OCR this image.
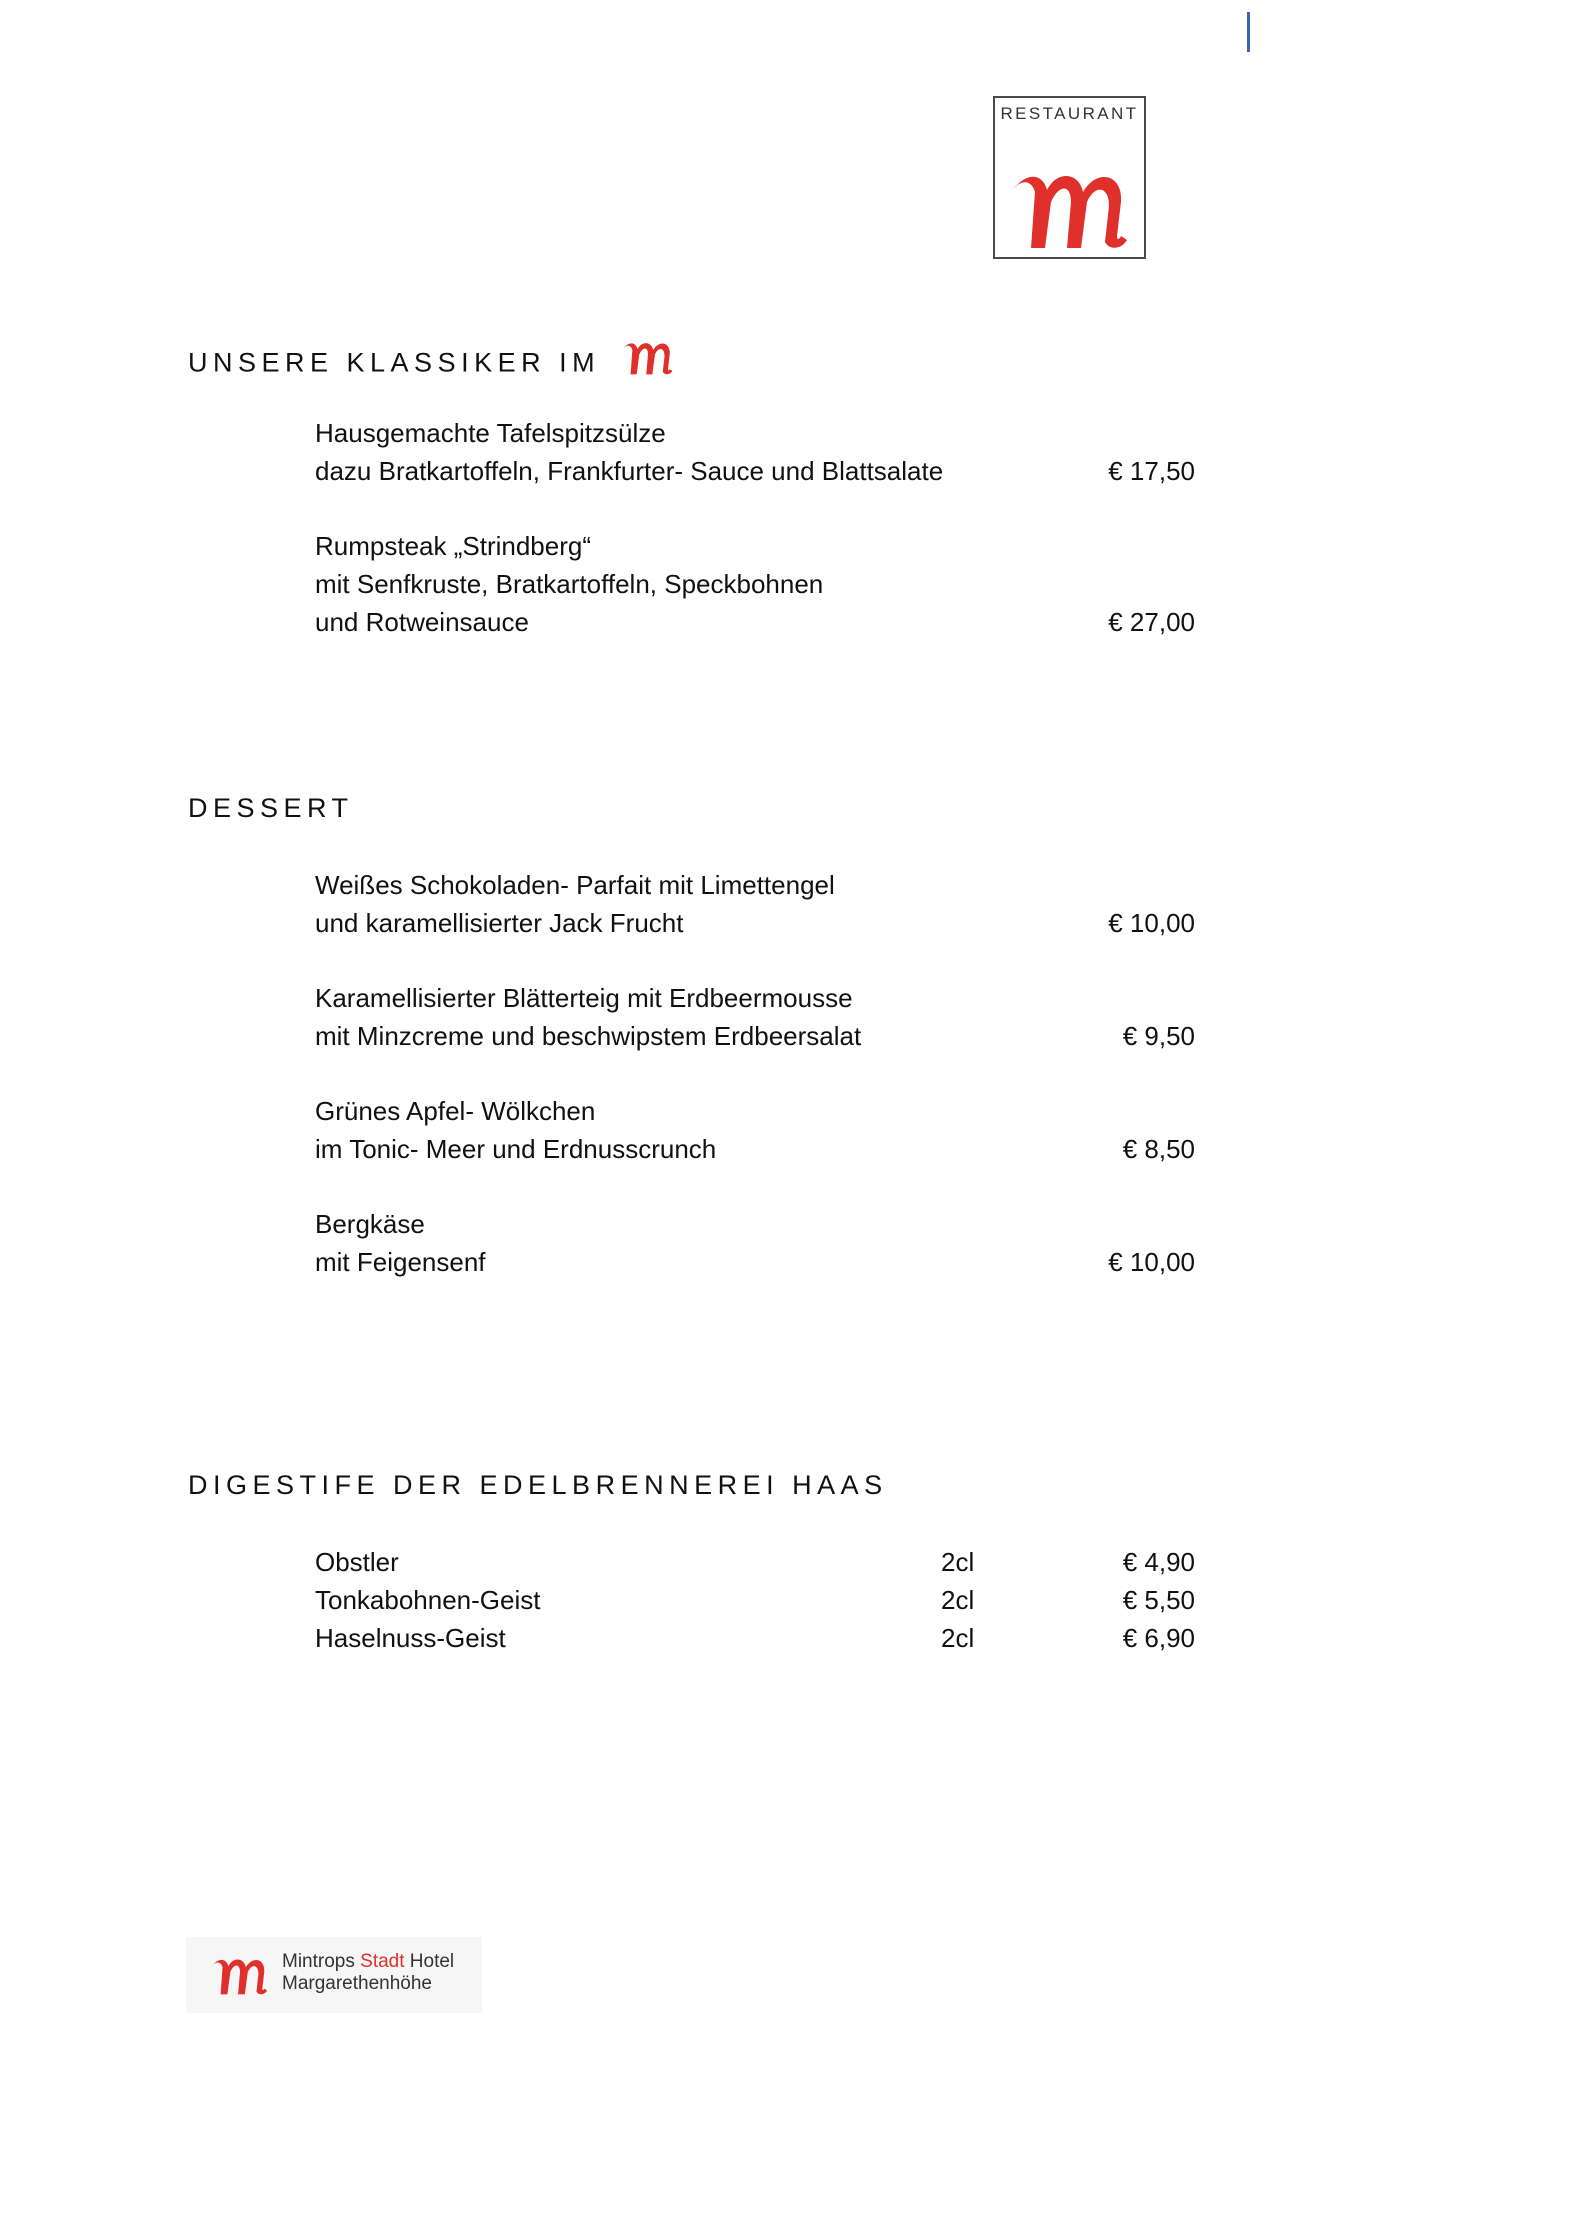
RESTAURANT
UNSERE KLASSIKER IM
Hausgemachte Tafelspitzsülze
dazu Bratkartoffeln, Frankfurter- Sauce und Blattsalate	€ 17,50
Rumpsteak „Strindberg“
mit Senfkruste, Bratkartoffeln, Speckbohnen
und Rotweinsauce	€ 27,00
DESSERT
Weißes Schokoladen- Parfait mit Limettengel
und karamellisierter Jack Frucht	€ 10,00
Karamellisierter Blätterteig mit Erdbeermousse
mit Minzcreme und beschwipstem Erdbeersalat	€ 9,50
Grünes Apfel- Wölkchen
im Tonic- Meer und Erdnusscrunch	€ 8,50
Bergkäse
mit Feigensenf	€ 10,00
DIGESTIFE DER EDELBRENNEREI HAAS
Obstler	2cl	€ 4,90
Tonkabohnen-Geist	2cl	€ 5,50
Haselnuss-Geist	2cl	€ 6,90
Mintrops Stadt Hotel
Margarethenhöhe
